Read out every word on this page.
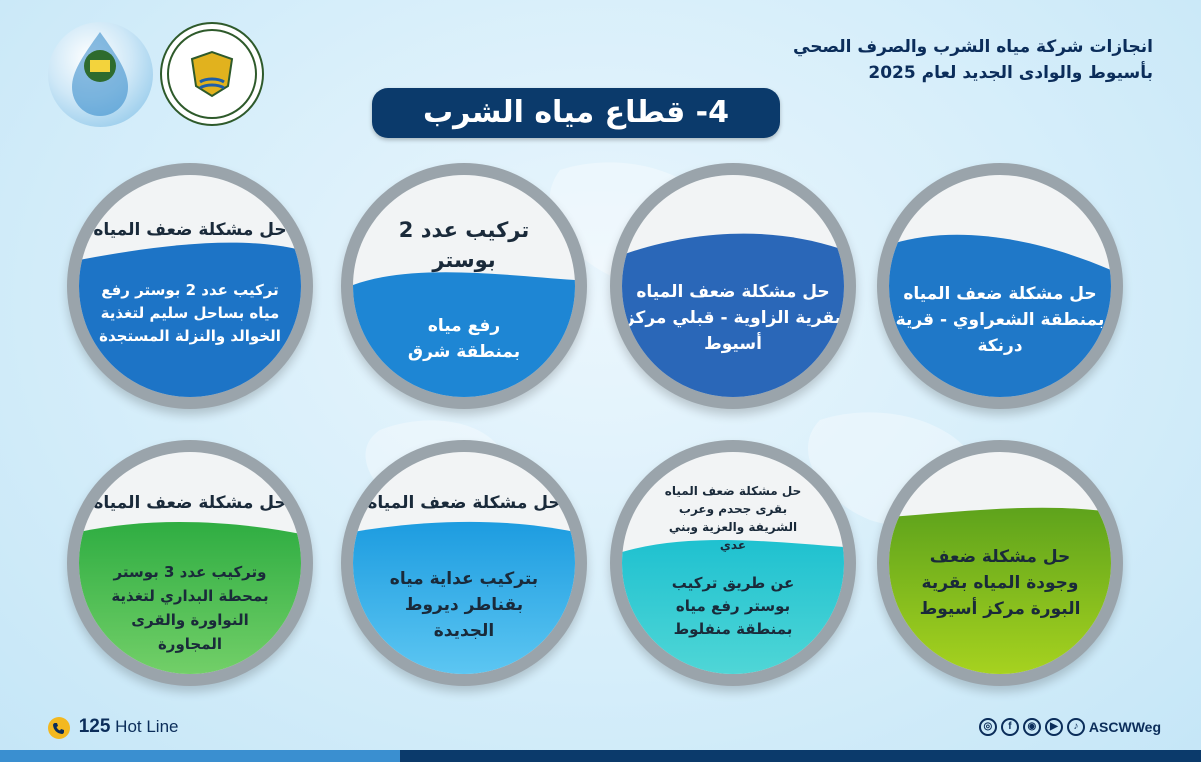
انجازات شركة مياه الشرب والصرف الصحي
بأسيوط والوادى الجديد لعام 2025
4- قطاع مياه الشرب
حل مشكلة ضعف المياه بمنطقة الشعراوي - قرية درنكة
حل مشكلة ضعف المياه بقرية الزاوية - قبلي مركز أسيوط
تركيب عدد 2 بوستر
رفع مياه بمنطقة شرق
حل مشكلة ضعف المياه
تركيب عدد 2 بوستر رفع مياه بساحل سليم لتغذية الخوالد والنزلة المستجدة
حل مشكلة ضعف وجودة المياه بقرية البورة مركز أسيوط
حل مشكلة ضعف المياه بقرى جحدم وعرب الشريفة والعزية وبني عدي
عن طريق تركيب بوستر رفع مياه بمنطقة منفلوط
حل مشكلة ضعف المياه
بتركيب عداية مياه بقناطر ديروط الجديدة
حل مشكلة ضعف المياه
وتركيب عدد 3 بوستر بمحطة البداري لتغذية النواورة والقرى المجاورة
125 Hot Line	◎	f	◉	▶	♪ ASCWWeg
